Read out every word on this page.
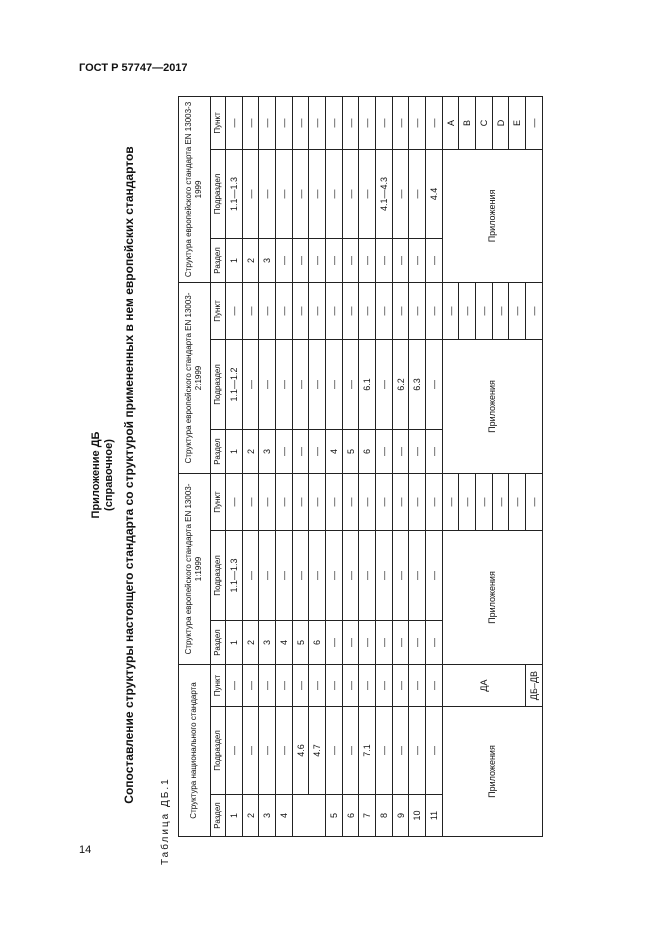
ГОСТ Р 57747—2017
14
Приложение ДБ (справочное) Сопоставление структуры настоящего стандарта со структурой примененных в нем европейских стандартов
Таблица ДБ.1
Структура национального стандарта			Структура европейского стандарта EN 13003-1:1999			Структура европейского стандарта EN 13003-2:1999			Структура европейского стандарта EN 13003-3 1999		
Раздел	Подраздел	Пункт	Раздел	Подраздел	Пункт	Раздел	Подраздел	Пункт	Раздел	Подраздел	Пункт
1	—	—	1	1.1—1.3	—	1	1.1—1.2	—	1	1.1—1.3	—
2	—	—	2	—	—	2	—	—	2	—	—
3	—	—	3	—	—	3	—	—	3	—	—
4	—	—	4	—	—	—	—	—	—	—	—
	4.6	—	5	—	—	—	—	—	—	—	—
	4.7	—	6	—	—	—	—	—	—	—	—
5	—	—	—	—	—	4	—	—	—	—	—
6	—	—	—	—	—	5	—	—	—	—	—
7	7.1	—	—	—	—	6	6.1	—	—	—	—
8	—	—	—	—	—	—	—	—	—	4.1—4.3	—
9	—	—	—	—	—	—	6.2	—	—	—	—
10	—	—	—	—	—	—	6.3	—	—	—	—
11	—	—	—	—	—	—	—	—	—	4.4	—
Приложения		ДА	Приложения		—	Приложения		—	Приложения		A
					—			—			B
					—			—			C
					—			—			D
					—			—			E
		ДБ–ДВ			—			—			—
